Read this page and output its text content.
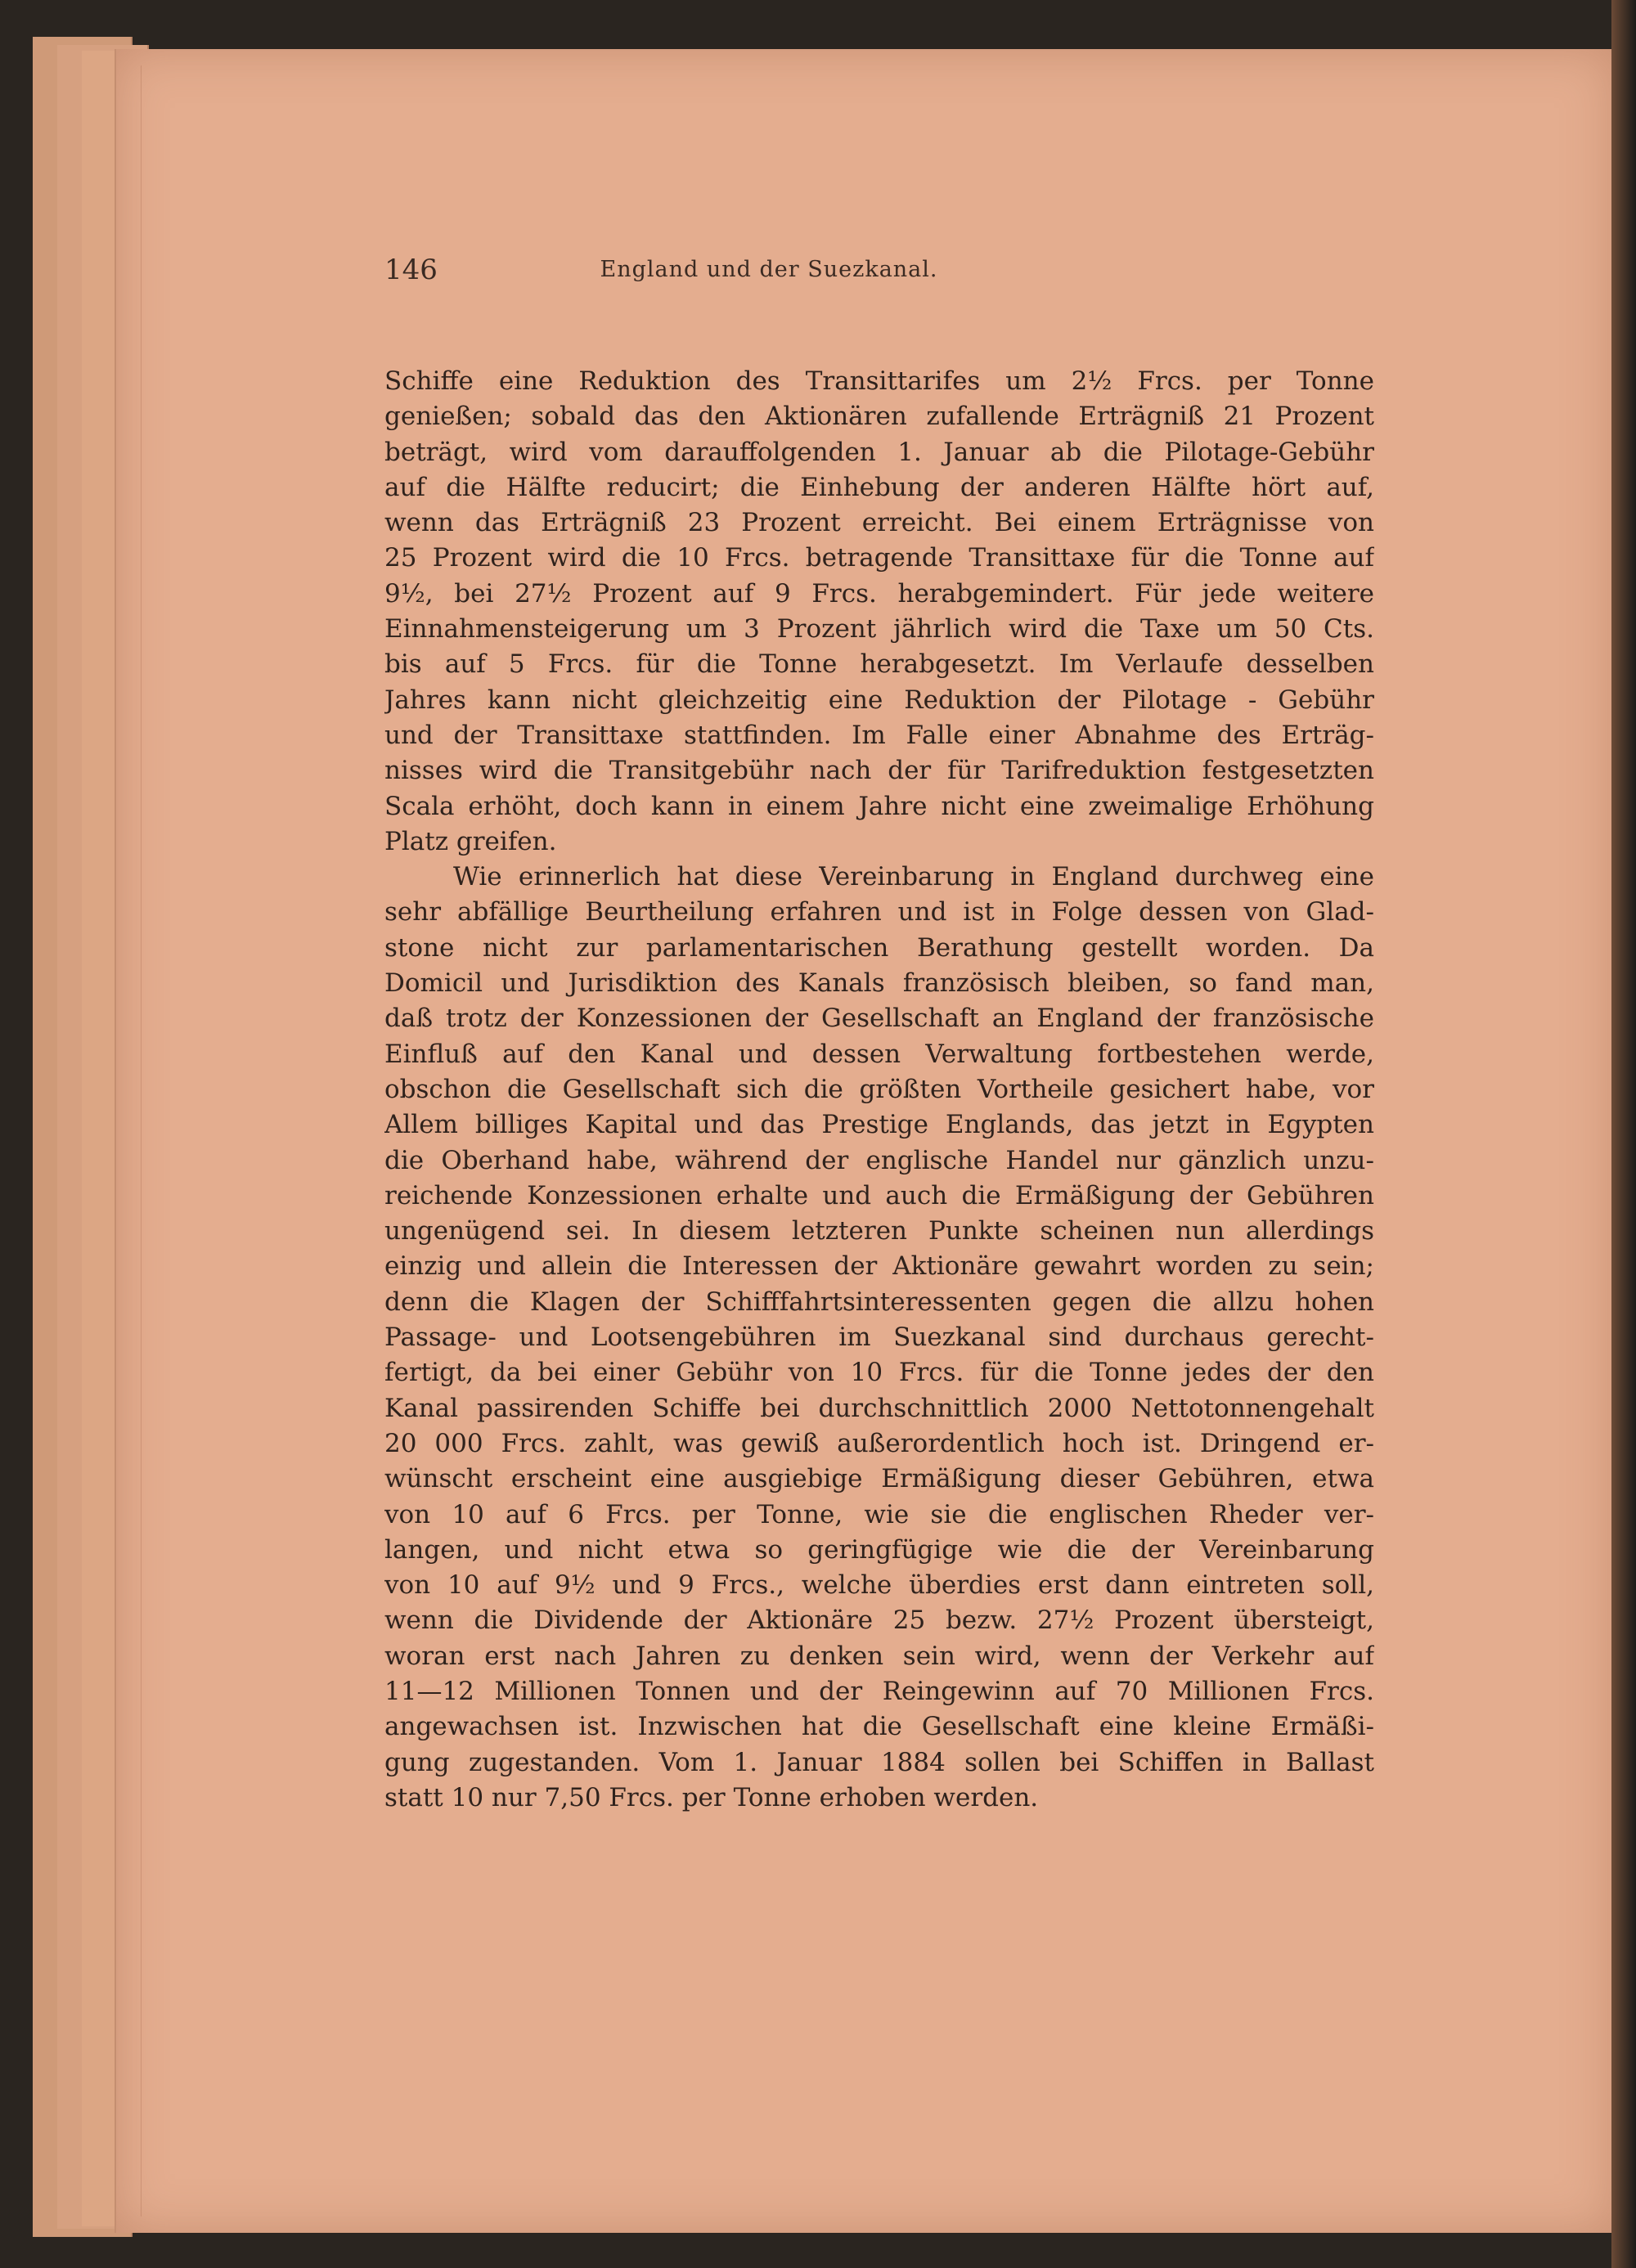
146	England und der Suezkanal.
Schiffe eine Reduktion des Transittarifes um 2½ Frcs. per Tonne
genießen; sobald das den Aktionären zufallende Erträgniß 21 Prozent
beträgt, wird vom darauffolgenden 1. Januar ab die Pilotage-Gebühr
auf die Hälfte reducirt; die Einhebung der anderen Hälfte hört auf,
wenn das Erträgniß 23 Prozent erreicht. Bei einem Erträgnisse von
25 Prozent wird die 10 Frcs. betragende Transittaxe für die Tonne auf
9½, bei 27½ Prozent auf 9 Frcs. herabgemindert. Für jede weitere
Einnahmensteigerung um 3 Prozent jährlich wird die Taxe um 50 Cts.
bis auf 5 Frcs. für die Tonne herabgesetzt. Im Verlaufe desselben
Jahres kann nicht gleichzeitig eine Reduktion der Pilotage - Gebühr
und der Transittaxe stattfinden. Im Falle einer Abnahme des Erträg-
nisses wird die Transitgebühr nach der für Tarifreduktion festgesetzten
Scala erhöht, doch kann in einem Jahre nicht eine zweimalige Erhöhung
Platz greifen.
Wie erinnerlich hat diese Vereinbarung in England durchweg eine
sehr abfällige Beurtheilung erfahren und ist in Folge dessen von Glad-
stone nicht zur parlamentarischen Berathung gestellt worden. Da
Domicil und Jurisdiktion des Kanals französisch bleiben, so fand man,
daß trotz der Konzessionen der Gesellschaft an England der französische
Einfluß auf den Kanal und dessen Verwaltung fortbestehen werde,
obschon die Gesellschaft sich die größten Vortheile gesichert habe, vor
Allem billiges Kapital und das Prestige Englands, das jetzt in Egypten
die Oberhand habe, während der englische Handel nur gänzlich unzu-
reichende Konzessionen erhalte und auch die Ermäßigung der Gebühren
ungenügend sei. In diesem letzteren Punkte scheinen nun allerdings
einzig und allein die Interessen der Aktionäre gewahrt worden zu sein;
denn die Klagen der Schifffahrtsinteressenten gegen die allzu hohen
Passage- und Lootsengebühren im Suezkanal sind durchaus gerecht-
fertigt, da bei einer Gebühr von 10 Frcs. für die Tonne jedes der den
Kanal passirenden Schiffe bei durchschnittlich 2000 Nettotonnengehalt
20 000 Frcs. zahlt, was gewiß außerordentlich hoch ist. Dringend er-
wünscht erscheint eine ausgiebige Ermäßigung dieser Gebühren, etwa
von 10 auf 6 Frcs. per Tonne, wie sie die englischen Rheder ver-
langen, und nicht etwa so geringfügige wie die der Vereinbarung
von 10 auf 9½ und 9 Frcs., welche überdies erst dann eintreten soll,
wenn die Dividende der Aktionäre 25 bezw. 27½ Prozent übersteigt,
woran erst nach Jahren zu denken sein wird, wenn der Verkehr auf
11—12 Millionen Tonnen und der Reingewinn auf 70 Millionen Frcs.
angewachsen ist. Inzwischen hat die Gesellschaft eine kleine Ermäßi-
gung zugestanden. Vom 1. Januar 1884 sollen bei Schiffen in Ballast
statt 10 nur 7,50 Frcs. per Tonne erhoben werden.
